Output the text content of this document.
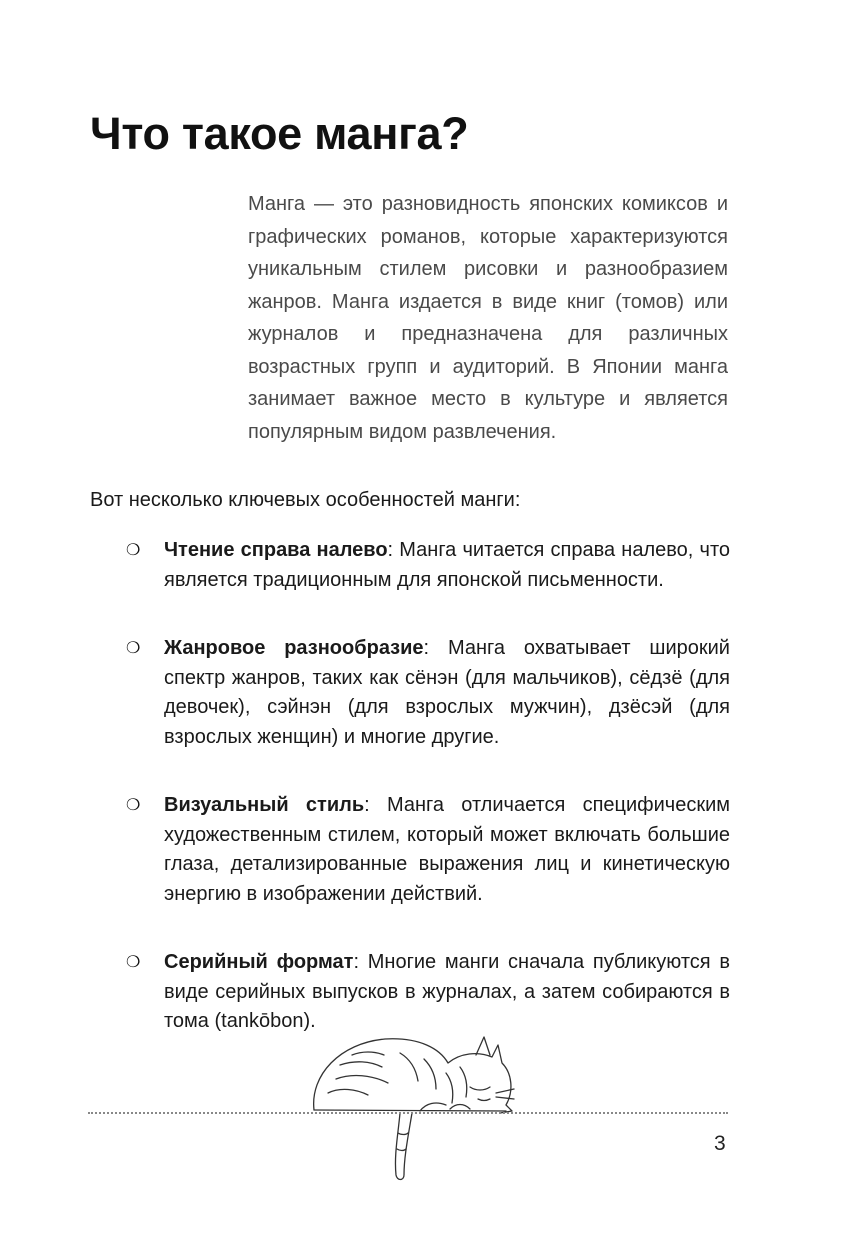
Что такое манга?

Манга — это разновидность японских комиксов и графических романов, которые характеризуются уникальным стилем рисовки и разнообразием жанров. Манга издается в виде книг (томов) или журналов и предназначена для различных возрастных групп и аудиторий. В Японии манга занимает важное место в культуре и является популярным видом развлечения.

Вот несколько ключевых особенностей манги:

❍ Чтение справа налево: Манга читается справа налево, что является традиционным для японской письменности.
❍ Жанровое разнообразие: Манга охватывает широкий спектр жанров, таких как сёнэн (для мальчиков), сёдзё (для девочек), сэйнэн (для взрослых мужчин), дзёсэй (для взрослых женщин) и многие другие.
❍ Визуальный стиль: Манга отличается специфическим художественным стилем, который может включать большие глаза, детализированные выражения лиц и кинетическую энергию в изображении действий.
❍ Серийный формат: Многие манги сначала публикуются в виде серийных выпусков в журналах, а затем собираются в тома (tankōbon).

3
